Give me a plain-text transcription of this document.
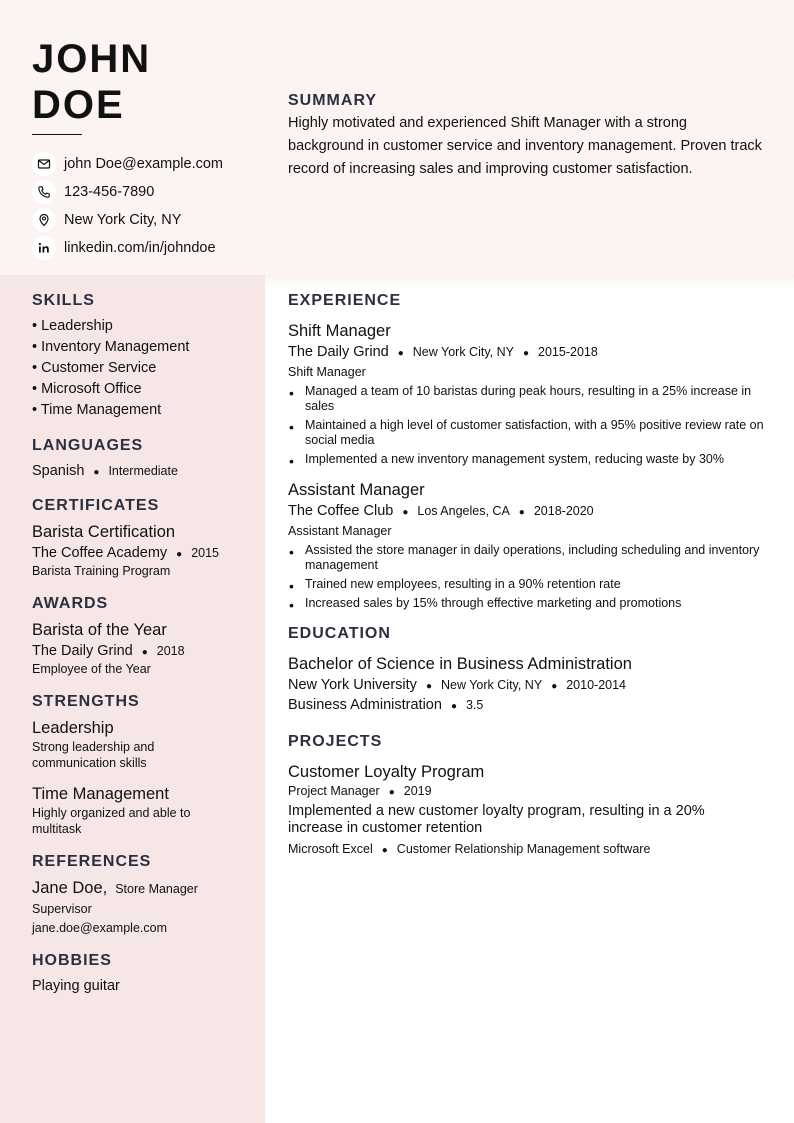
JOHN
DOE
john Doe@example.com
123-456-7890
New York City, NY
linkedin.com/in/johndoe
SUMMARY
Highly motivated and experienced Shift Manager with a strong background in customer service and inventory management. Proven track record of increasing sales and improving customer satisfaction.
SKILLS
• Leadership
• Inventory Management
• Customer Service
• Microsoft Office
• Time Management
LANGUAGES
Spanish ● Intermediate
CERTIFICATES
Barista Certification
The Coffee Academy ● 2015
Barista Training Program
AWARDS
Barista of the Year
The Daily Grind ● 2018
Employee of the Year
STRENGTHS
Leadership
Strong leadership and communication skills
Time Management
Highly organized and able to multitask
REFERENCES
Jane Doe, Store Manager
Supervisor
jane.doe@example.com
HOBBIES
Playing guitar
EXPERIENCE
Shift Manager
The Daily Grind ● New York City, NY ● 2015-2018
Shift Manager
• Managed a team of 10 baristas during peak hours, resulting in a 25% increase in sales
• Maintained a high level of customer satisfaction, with a 95% positive review rate on social media
• Implemented a new inventory management system, reducing waste by 30%
Assistant Manager
The Coffee Club ● Los Angeles, CA ● 2018-2020
Assistant Manager
• Assisted the store manager in daily operations, including scheduling and inventory management
• Trained new employees, resulting in a 90% retention rate
• Increased sales by 15% through effective marketing and promotions
EDUCATION
Bachelor of Science in Business Administration
New York University ● New York City, NY ● 2010-2014
Business Administration ● 3.5
PROJECTS
Customer Loyalty Program
Project Manager ● 2019
Implemented a new customer loyalty program, resulting in a 20% increase in customer retention
Microsoft Excel ● Customer Relationship Management software
